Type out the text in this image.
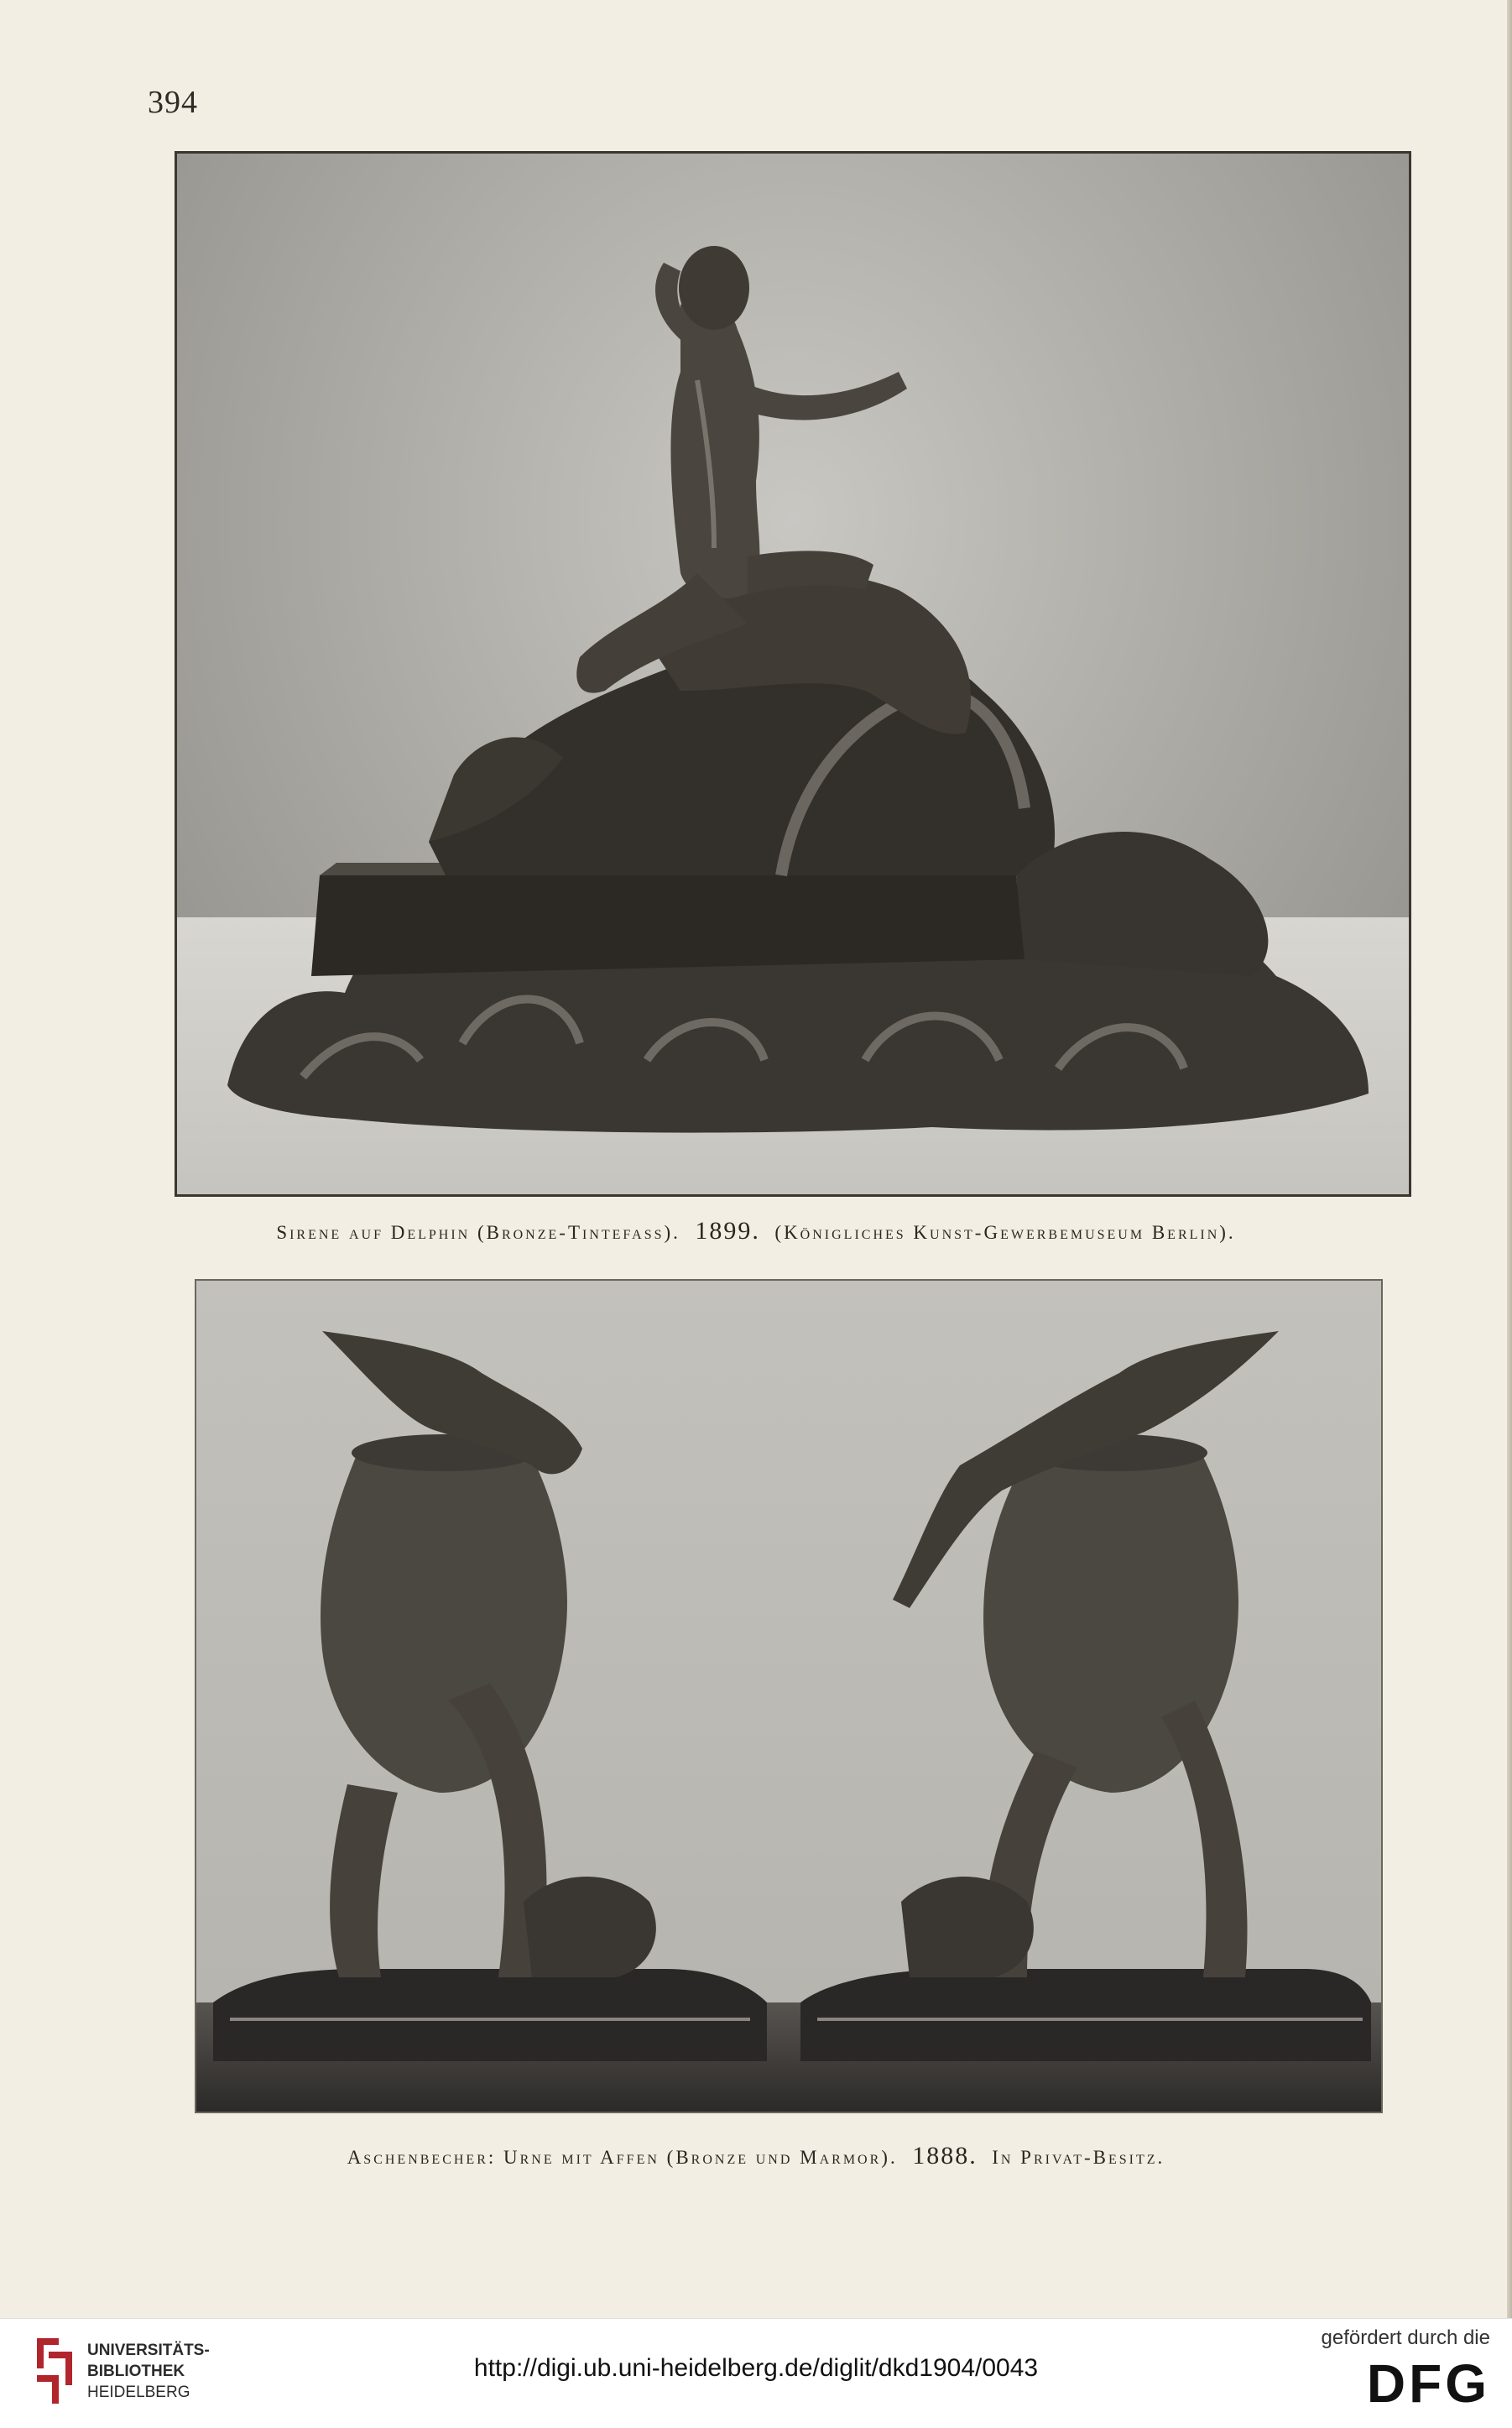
394
Sirene auf Delphin (Bronze-Tintefass). 1899. (Königliches Kunst-Gewerbemuseum Berlin).
Aschenbecher: Urne mit Affen (Bronze und Marmor). 1888. In Privat-Besitz.
UNIVERSITÄTS-
BIBLIOTHEK
HEIDELBERG
http://digi.ub.uni-heidelberg.de/diglit/dkd1904/0043
gefördert durch die
DFG
